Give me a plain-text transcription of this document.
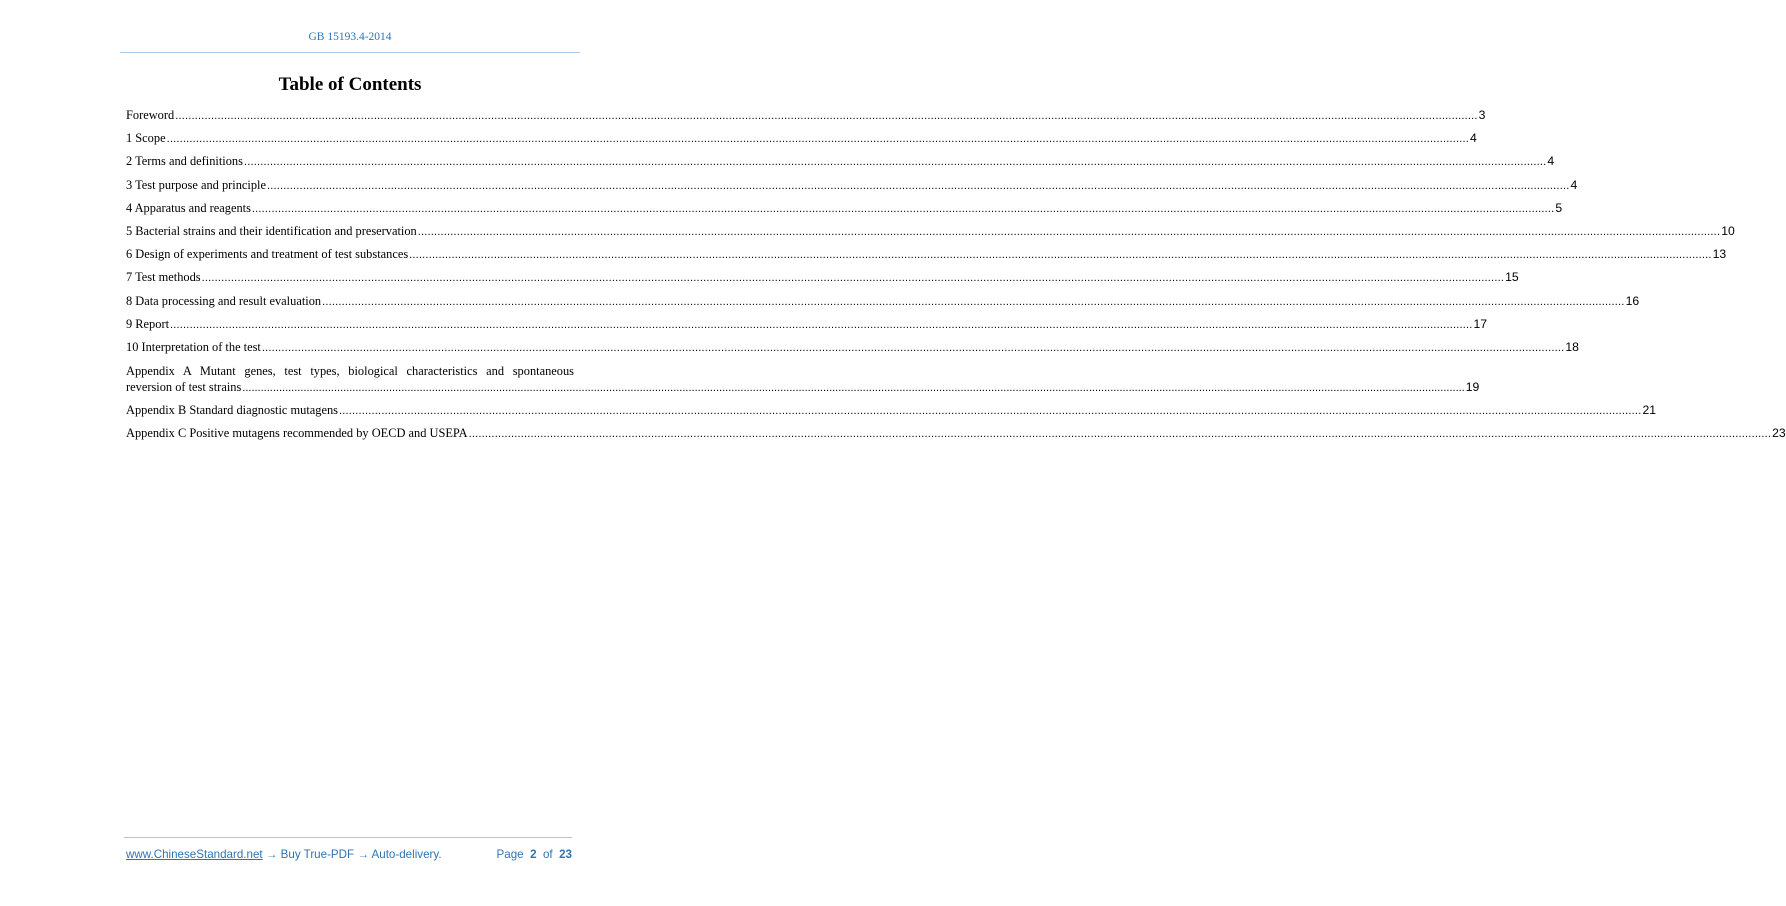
GB 15193.4-2014
Table of Contents
Foreword ................................................................................................................................................................................................................................................................................................................................................................................................................ 3
1 Scope ................................................................................................................................................................................................................................................................................................................................................................................................................ 4
2 Terms and definitions ................................................................................................................................................................................................................................................................................................................................................................................................................ 4
3 Test purpose and principle ................................................................................................................................................................................................................................................................................................................................................................................................................ 4
4 Apparatus and reagents ................................................................................................................................................................................................................................................................................................................................................................................................................ 5
5 Bacterial strains and their identification and preservation ................................................................................................................................................................................................................................................................................................................................................................................................................ 10
6 Design of experiments and treatment of test substances ................................................................................................................................................................................................................................................................................................................................................................................................................ 13
7 Test methods ................................................................................................................................................................................................................................................................................................................................................................................................................ 15
8 Data processing and result evaluation ................................................................................................................................................................................................................................................................................................................................................................................................................ 16
9 Report ................................................................................................................................................................................................................................................................................................................................................................................................................ 17
10 Interpretation of the test ................................................................................................................................................................................................................................................................................................................................................................................................................ 18
Appendix A Mutant genes, test types, biological characteristics and spontaneous
reversion of test strains ................................................................................................................................................................................................................................................................................................................................................................................................................ 19
Appendix B Standard diagnostic mutagens ................................................................................................................................................................................................................................................................................................................................................................................................................ 21
Appendix C Positive mutagens recommended by OECD and USEPA ................................................................................................................................................................................................................................................................................................................................................................................................................ 23
www.ChineseStandard.net → Buy True-PDF → Auto-delivery.	Page 2 of 23
